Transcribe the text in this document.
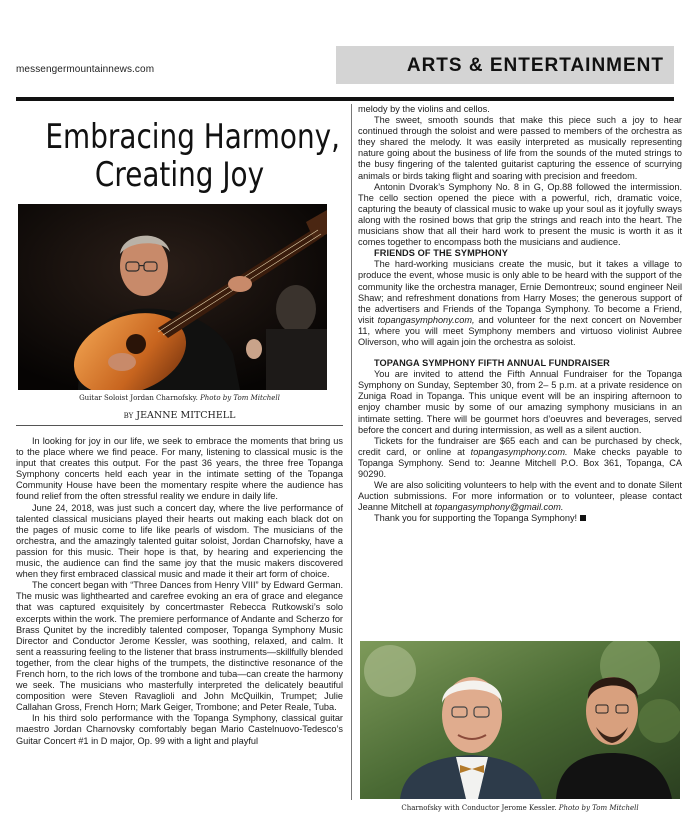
messengermountainnews.com	ARTS & ENTERTAINMENT
Embracing Harmony,
Creating Joy
Guitar Soloist Jordan Charnofsky. Photo by Tom Mitchell
BY JEANNE MITCHELL

In looking for joy in our life, we seek to embrace the moments that bring us to the place where we find peace. For many, listening to classical music is the input that creates this output. For the past 36 years, the three free Topanga Symphony concerts held each year in the intimate setting of the Topanga Community House have been the momentary respite where the audience has found relief from the often stressful reality we endure in daily life.

June 24, 2018, was just such a concert day, where the live performance of talented classical musicians played their hearts out making each black dot on the pages of music come to life like pearls of wisdom. The musicians of the orchestra, and the amazingly talented guitar soloist, Jordan Charnofsky, have a passion for this music. Their hope is that, by hearing and experiencing the music, the audience can find the same joy that the music makers discovered when they first embraced classical music and made it their art form of choice.

The concert began with “Three Dances from Henry VIII” by Edward German. The music was lighthearted and carefree evoking an era of grace and elegance that was captured exquisitely by concertmaster Rebecca Rutkowski’s solo excerpts within the work. The premiere performance of Andante and Scherzo for Brass Qunitet by the incredibly talented composer, Topanga Symphony Music Director and Conductor Jerome Kessler, was soothing, relaxed, and calm. It sent a reassuring feeling to the listener that brass instruments—skillfully blended together, from the clear highs of the trumpets, the distinctive resonance of the French horn, to the rich lows of the trombone and tuba—can create the harmony we seek. The musicians who masterfully interpreted the delicately beautiful composition were Steven Ravaglioli and John McQuilkin, Trumpet; Julie Callahan Gross, French Horn; Mark Geiger, Trombone; and Peter Reale, Tuba.

In his third solo performance with the Topanga Symphony, classical guitar maestro Jordan Charnovsky comfortably began Mario Castelnuovo-Tedesco’s Guitar Concert #1 in D major, Op. 99 with a light and playful

melody by the violins and cellos.

The sweet, smooth sounds that make this piece such a joy to hear continued through the soloist and were passed to members of the orchestra as they shared the melody. It was easily interpreted as musically representing nature going about the business of life from the sounds of the muted strings to the busy fingering of the talented guitarist capturing the essence of scurrying animals or birds taking flight and soaring with precision and freedom.

Antonin Dvorak’s Symphony No. 8 in G, Op.88 followed the intermission. The cello section opened the piece with a powerful, rich, dramatic voice, capturing the beauty of classical music to wake up your soul as it joyfully sways along with the rosined bows that grip the strings and reach into the heart. The musicians show that all their hard work to present the music is worth it as it comes together to encompass both the musicians and audience.

FRIENDS OF THE SYMPHONY

The hard-working musicians create the music, but it takes a village to produce the event, whose music is only able to be heard with the support of the community like the orchestra manager, Ernie Demontreux; sound engineer Neil Shaw; and refreshment donations from Harry Moses; the generous support of the advertisers and Friends of the Topanga Symphony. To become a Friend, visit topangasymphony.com, and volunteer for the next concert on November 11, where you will meet Symphony members and virtuoso violinist Aubree Oliverson, who will again join the orchestra as soloist.

TOPANGA SYMPHONY FIFTH ANNUAL FUNDRAISER

You are invited to attend the Fifth Annual Fundraiser for the Topanga Symphony on Sunday, September 30, from 2– 5 p.m. at a private residence on Zuniga Road in Topanga. This unique event will be an inspiring afternoon to enjoy chamber music by some of our amazing symphony musicians in an intimate setting. There will be gourmet hors d’oeuvres and beverages, served before the concert and during intermission, as well as a silent auction.

Tickets for the fundraiser are $65 each and can be purchased by check, credit card, or online at topangasymphony.com. Make checks payable to Topanga Symphony. Send to: Jeanne Mitchell P.O. Box 361, Topanga, CA 90290.

We are also soliciting volunteers to help with the event and to donate Silent Auction submissions. For more information or to volunteer, please contact Jeanne Mitchell at topangasymphony@gmail.com.

Thank you for supporting the Topanga Symphony!

Charnofsky with Conductor Jerome Kessler. Photo by Tom Mitchell
